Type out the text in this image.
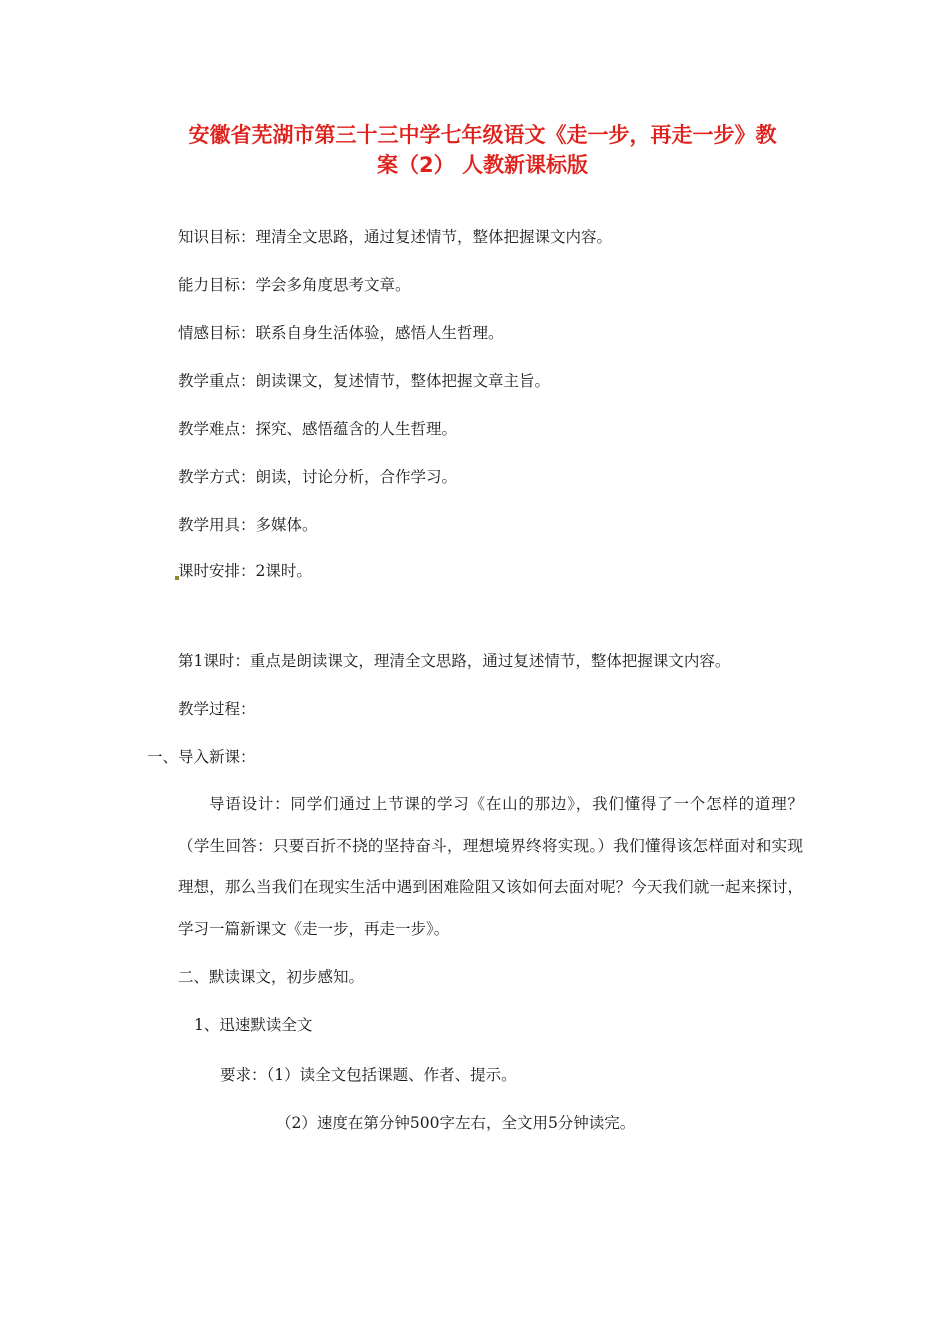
安徽省芜湖市第三十三中学七年级语文《走一步，再走一步》教
案（2） 人教新课标版

知识目标：理清全文思路，通过复述情节，整体把握课文内容。

能力目标：学会多角度思考文章。

情感目标：联系自身生活体验，感悟人生哲理。

教学重点：朗读课文，复述情节，整体把握文章主旨。

教学难点：探究、感悟蕴含的人生哲理。

教学方式：朗读，讨论分析，合作学习。

教学用具：多媒体。

课时安排：2课时。

第1课时：重点是朗读课文，理清全文思路，通过复述情节，整体把握课文内容。

教学过程：

一、导入新课：

导语设计：同学们通过上节课的学习《在山的那边》，我们懂得了一个怎样的道理？（学生回答：只要百折不挠的坚持奋斗，理想境界终将实现。）我们懂得该怎样面对和实现理想，那么当我们在现实生活中遇到困难险阻又该如何去面对呢？今天我们就一起来探讨，学习一篇新课文《走一步，再走一步》。

二、默读课文，初步感知。

1、迅速默读全文

要求：（1）读全文包括课题、作者、提示。

（2）速度在第分钟500字左右，全文用5分钟读完。
